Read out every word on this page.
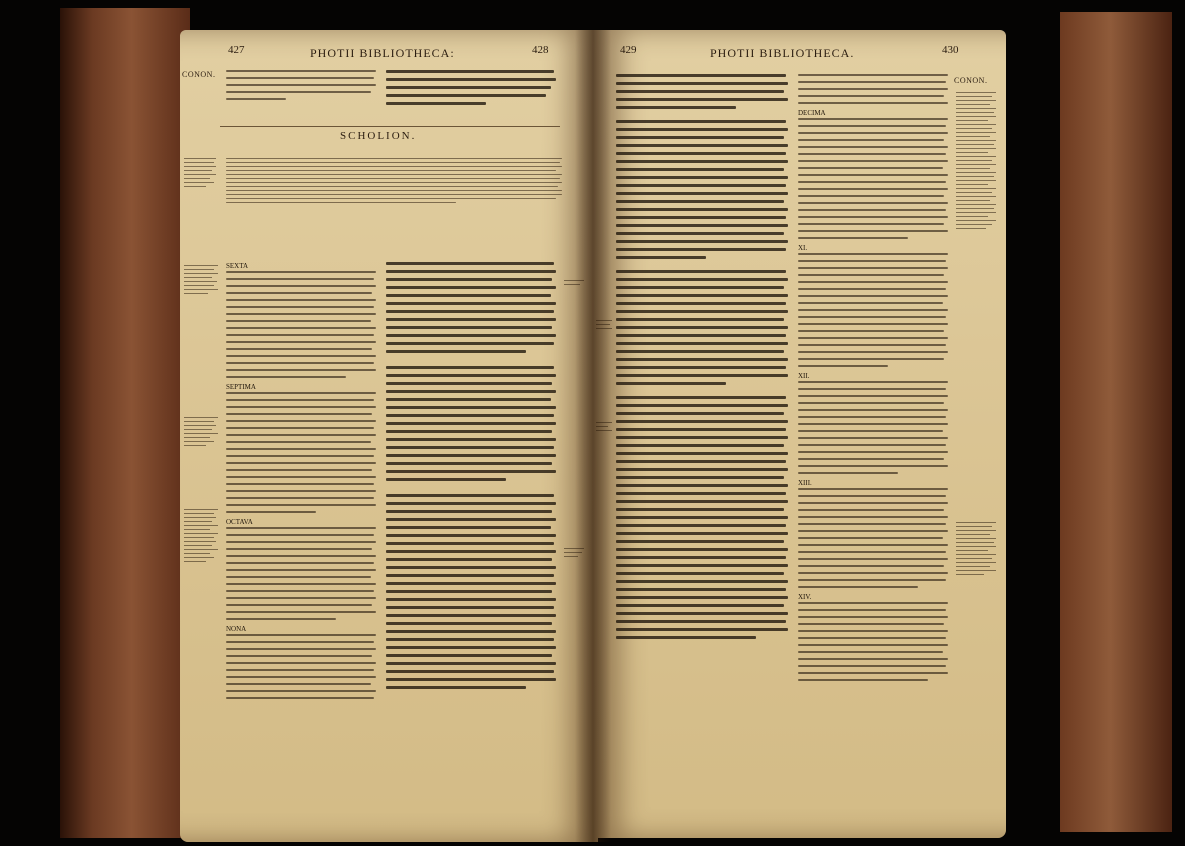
427	PHOTII BIBLIOTHECA:	428
CONON.
SCHOLION.
SEXTA
SEPTIMA
OCTAVA
NONA
429	PHOTII BIBLIOTHECA.	430
CONON.
DECIMA
XI.
XII.
XIII.
XIV.
